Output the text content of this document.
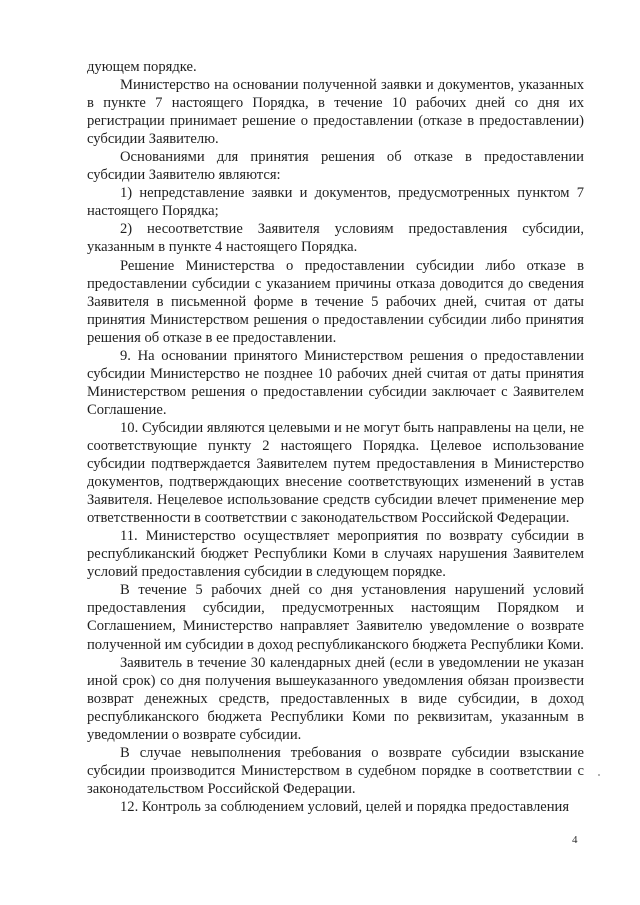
дующем порядке.

Министерство на основании полученной заявки и документов, указанных в пункте 7 настоящего Порядка, в течение 10 рабочих дней со дня их регистрации принимает решение о предоставлении (отказе в предоставлении) субсидии Заявителю.

Основаниями для принятия решения об отказе в предоставлении субсидии Заявителю являются:

1) непредставление заявки и документов, предусмотренных пунктом 7 настоящего Порядка;

2) несоответствие Заявителя условиям предоставления субсидии, указанным в пункте 4 настоящего Порядка.

Решение Министерства о предоставлении субсидии либо отказе в предоставлении субсидии с указанием причины отказа доводится до сведения Заявителя в письменной форме в течение 5 рабочих дней, считая от даты принятия Министерством решения о предоставлении субсидии либо принятия решения об отказе в ее предоставлении.

9. На основании принятого Министерством решения о предоставлении субсидии Министерство не позднее 10 рабочих дней считая от даты принятия Министерством решения о предоставлении субсидии заключает с Заявителем Соглашение.

10. Субсидии являются целевыми и не могут быть направлены на цели, не соответствующие пункту 2 настоящего Порядка. Целевое использование субсидии подтверждается Заявителем путем предоставления в Министерство документов, подтверждающих внесение соответствующих изменений в устав Заявителя. Нецелевое использование средств субсидии влечет применение мер ответственности в соответствии с законодательством Российской Федерации.

11. Министерство осуществляет мероприятия по возврату субсидии в республиканский бюджет Республики Коми в случаях нарушения Заявителем условий предоставления субсидии в следующем порядке.

В течение 5 рабочих дней со дня установления нарушений условий предоставления субсидии, предусмотренных настоящим Порядком и Соглашением, Министерство направляет Заявителю уведомление о возврате полученной им субсидии в доход республиканского бюджета Республики Коми.

Заявитель в течение 30 календарных дней (если в уведомлении не указан иной срок) со дня получения вышеуказанного уведомления обязан произвести возврат денежных средств, предоставленных в виде субсидии, в доход республиканского бюджета Республики Коми по реквизитам, указанным в уведомлении о возврате субсидии.

В случае невыполнения требования о возврате субсидии взыскание субсидии производится Министерством в судебном порядке в соответствии с законодательством Российской Федерации.

12. Контроль за соблюдением условий, целей и порядка предоставления

4
